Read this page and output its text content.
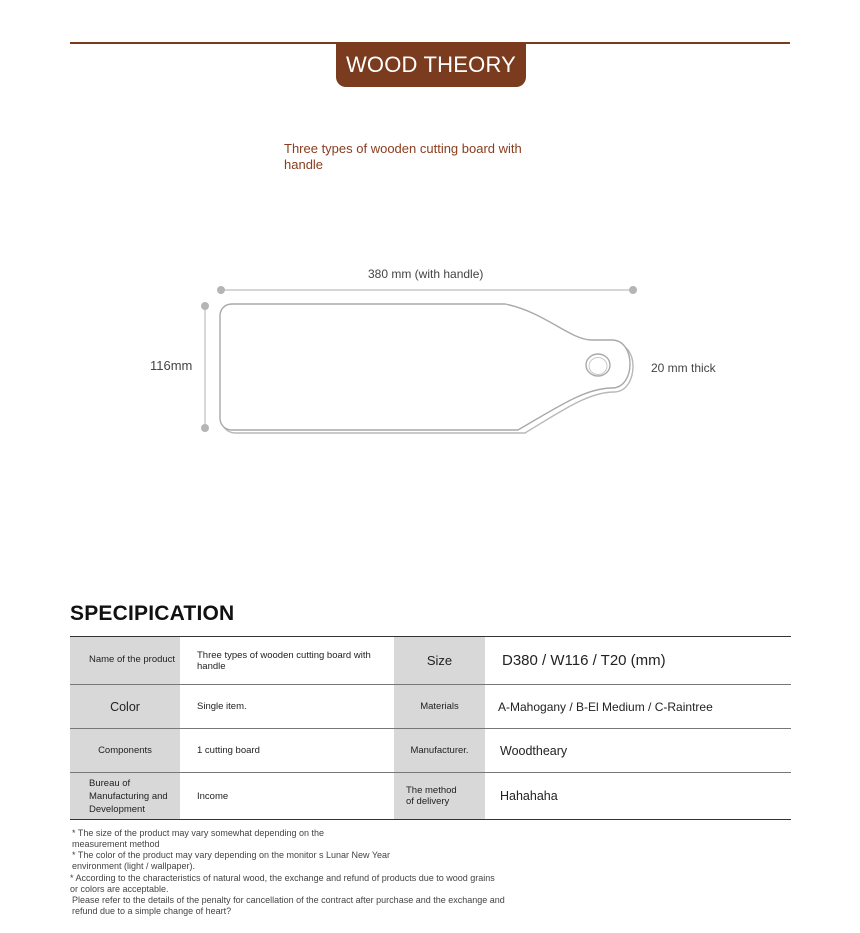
WOOD THEORY
Three types of wooden cutting board with handle
380 mm (with handle)
116mm	20 mm thick
SPECIPICATION
Name of the product	Three types of wooden cutting board with handle	Size	D380 / W116 / T20 (mm)
Color	Single item.	Materials	A-Mahogany / B-El Medium / C-Raintree
Components	1 cutting board	Manufacturer.	Woodtheary
Bureau of Manufacturing and Development	Income	The method of delivery	Hahahaha
* The size of the product may vary somewhat depending on the measurement method
* The color of the product may vary depending on the monitor s Lunar New Year environment (light / wallpaper).
* According to the characteristics of natural wood, the exchange and refund of products due to wood grains or colors are acceptable.
Please refer to the details of the penalty for cancellation of the contract after purchase and the exchange and refund due to a simple change of heart?
